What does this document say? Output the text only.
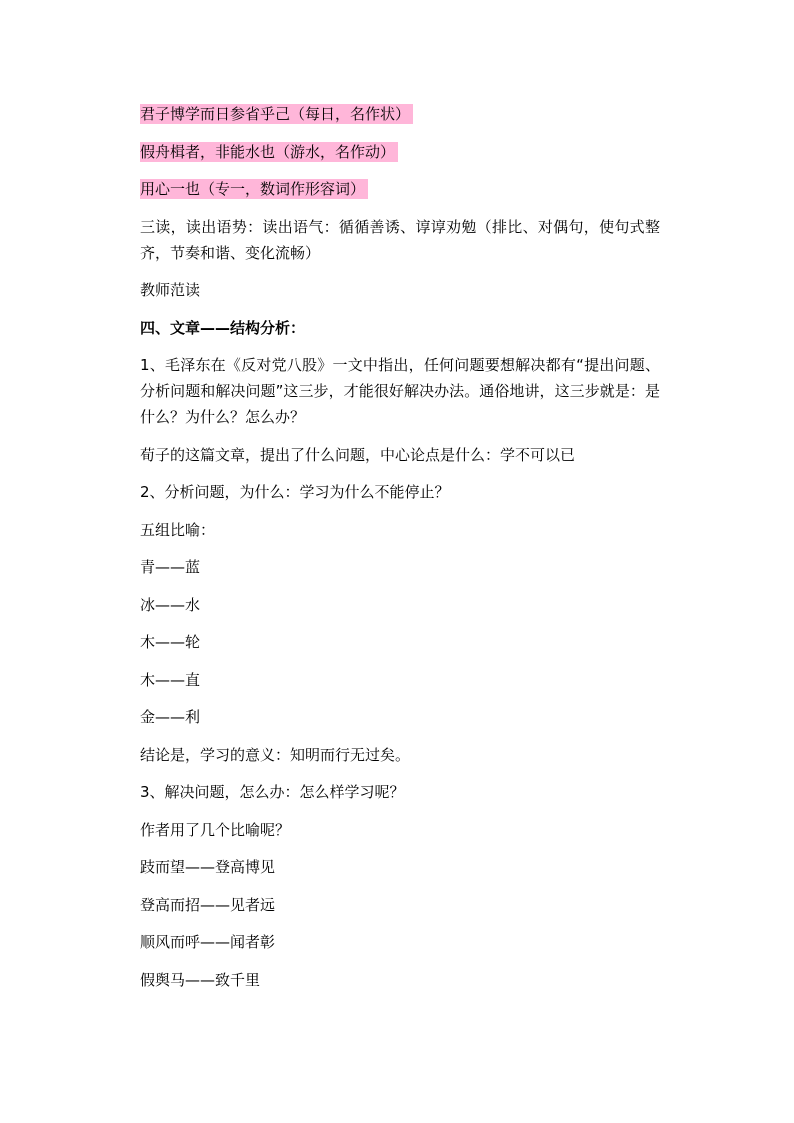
君子博学而日参省乎己（每日，名作状）
假舟楫者，非能水也（游水，名作动）
用心一也（专一，数词作形容词）
三读，读出语势：读出语气：循循善诱、谆谆劝勉（排比、对偶句，使句式整齐，节奏和谐、变化流畅）
教师范读
四、文章——结构分析：
1、毛泽东在《反对党八股》一文中指出，任何问题要想解决都有“提出问题、分析问题和解决问题”这三步，才能很好解决办法。通俗地讲，这三步就是：是什么？为什么？怎么办？
荀子的这篇文章，提出了什么问题，中心论点是什么：学不可以已
2、分析问题，为什么：学习为什么不能停止？
五组比喻：
青——蓝
冰——水
木——轮
木——直
金——利
结论是，学习的意义：知明而行无过矣。
3、解决问题，怎么办：怎么样学习呢？
作者用了几个比喻呢？
跂而望——登高博见
登高而招——见者远
顺风而呼——闻者彰
假舆马——致千里
